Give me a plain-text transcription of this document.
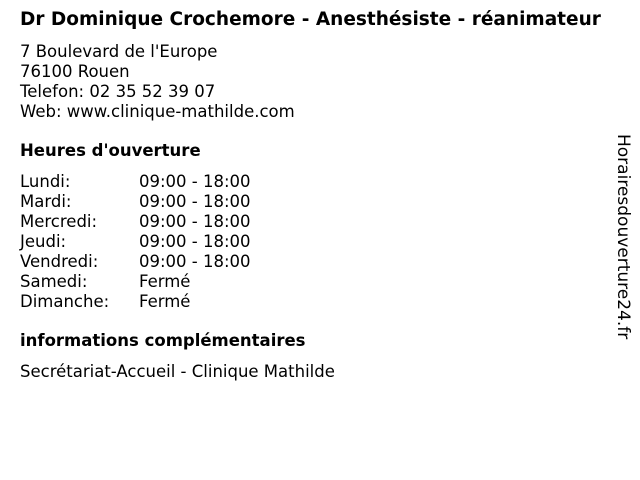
Dr Dominique Crochemore - Anesthésiste - réanimateur
7 Boulevard de l'Europe
76100 Rouen
Telefon: 02 35 52 39 07
Web: www.clinique-mathilde.com
Heures d'ouverture
Lundi:	09:00 - 18:00
Mardi:	09:00 - 18:00
Mercredi:	09:00 - 18:00
Jeudi:	09:00 - 18:00
Vendredi:	09:00 - 18:00
Samedi:	Fermé
Dimanche:	Fermé
informations complémentaires
Secrétariat-Accueil - Clinique Mathilde
Horairesdouverture24.fr
